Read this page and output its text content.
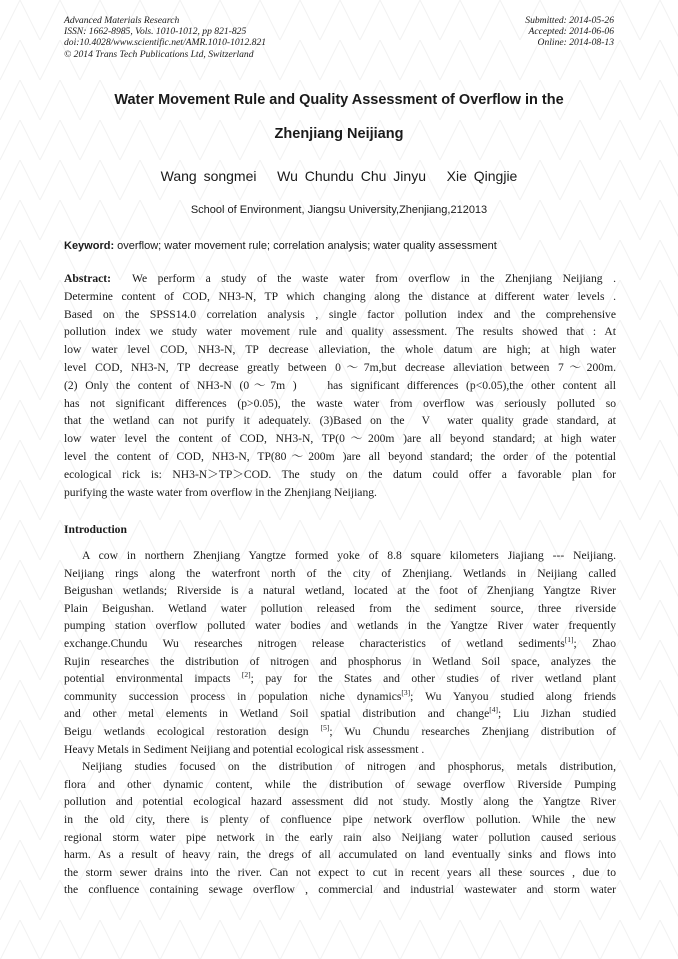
Advanced Materials Research
ISSN: 1662-8985, Vols. 1010-1012, pp 821-825
doi:10.4028/www.scientific.net/AMR.1010-1012.821
© 2014 Trans Tech Publications Ltd, Switzerland
Submitted: 2014-05-26
Accepted: 2014-06-06
Online: 2014-08-13
Water Movement Rule and Quality Assessment of Overflow in the
Zhenjiang Neijiang
Wang songmei   Wu Chundu Chu Jinyu   Xie Qingjie
School of Environment, Jiangsu University,Zhenjiang,212013
Keyword: overflow; water movement rule; correlation analysis; water quality assessment
Abstract:  We perform a study of the waste water from overflow in the Zhenjiang Neijiang .
Determine content of COD, NH3-N, TP which changing along the distance at different water levels .
Based on the SPSS14.0 correlation analysis , single factor pollution index and the comprehensive
pollution index we study water movement rule and quality assessment. The results showed that : At
low water level COD, NH3-N, TP decrease alleviation, the whole datum are high; at high water
level COD, NH3-N, TP decrease greatly between 0～7m,but decrease alleviation between 7～200m.
(2) Only the content of NH3-N (0～7m )    has significant differences (p<0.05),the other content all
has not significant differences (p>0.05), the waste water from overflow was seriously polluted so
that the wetland can not purify it adequately. (3)Based on the  V  water quality grade standard, at
low water level the content of COD, NH3-N, TP(0～200m )are all beyond standard; at high water
level the content of COD, NH3-N, TP(80～200m )are all beyond standard; the order of the potential
ecological rick is: NH3-N＞TP＞COD. The study on the datum could offer a favorable plan for
purifying the waste water from overflow in the Zhenjiang Neijiang.
Introduction
A cow in northern Zhenjiang Yangtze formed yoke of 8.8 square kilometers Jiajiang --- Neijiang.
Neijiang rings along the waterfront north of the city of Zhenjiang. Wetlands in Neijiang called
Beigushan wetlands; Riverside is a natural wetland, located at the foot of Zhenjiang Yangtze River
Plain Beigushan. Wetland water pollution released from the sediment source, three riverside
pumping station overflow polluted water bodies and wetlands in the Yangtze River water frequently
exchange.Chundu Wu researches nitrogen release characteristics of wetland sediments[1]; Zhao
Rujin researches the distribution of nitrogen and phosphorus in Wetland Soil space, analyzes the
potential environmental impacts [2]; pay for the States and other studies of river wetland plant
community succession process in population niche dynamics[3]; Wu Yanyou studied along friends
and other metal elements in Wetland Soil spatial distribution and change[4]; Liu Jizhan studied
Beigu wetlands ecological restoration design [5]; Wu Chundu researches Zhenjiang distribution of
Heavy Metals in Sediment Neijiang and potential ecological risk assessment .
Neijiang studies focused on the distribution of nitrogen and phosphorus, metals distribution,
flora and other dynamic content, while the distribution of sewage overflow Riverside Pumping
pollution and potential ecological hazard assessment did not study. Mostly along the Yangtze River
in the old city, there is plenty of confluence pipe network overflow pollution. While the new
regional storm water pipe network in the early rain also Neijiang water pollution caused serious
harm. As a result of heavy rain, the dregs of all accumulated on land eventually sinks and flows into
the storm sewer drains into the river. Can not expect to cut in recent years all these sources , due to
the confluence containing sewage overflow , commercial and industrial wastewater and storm water
